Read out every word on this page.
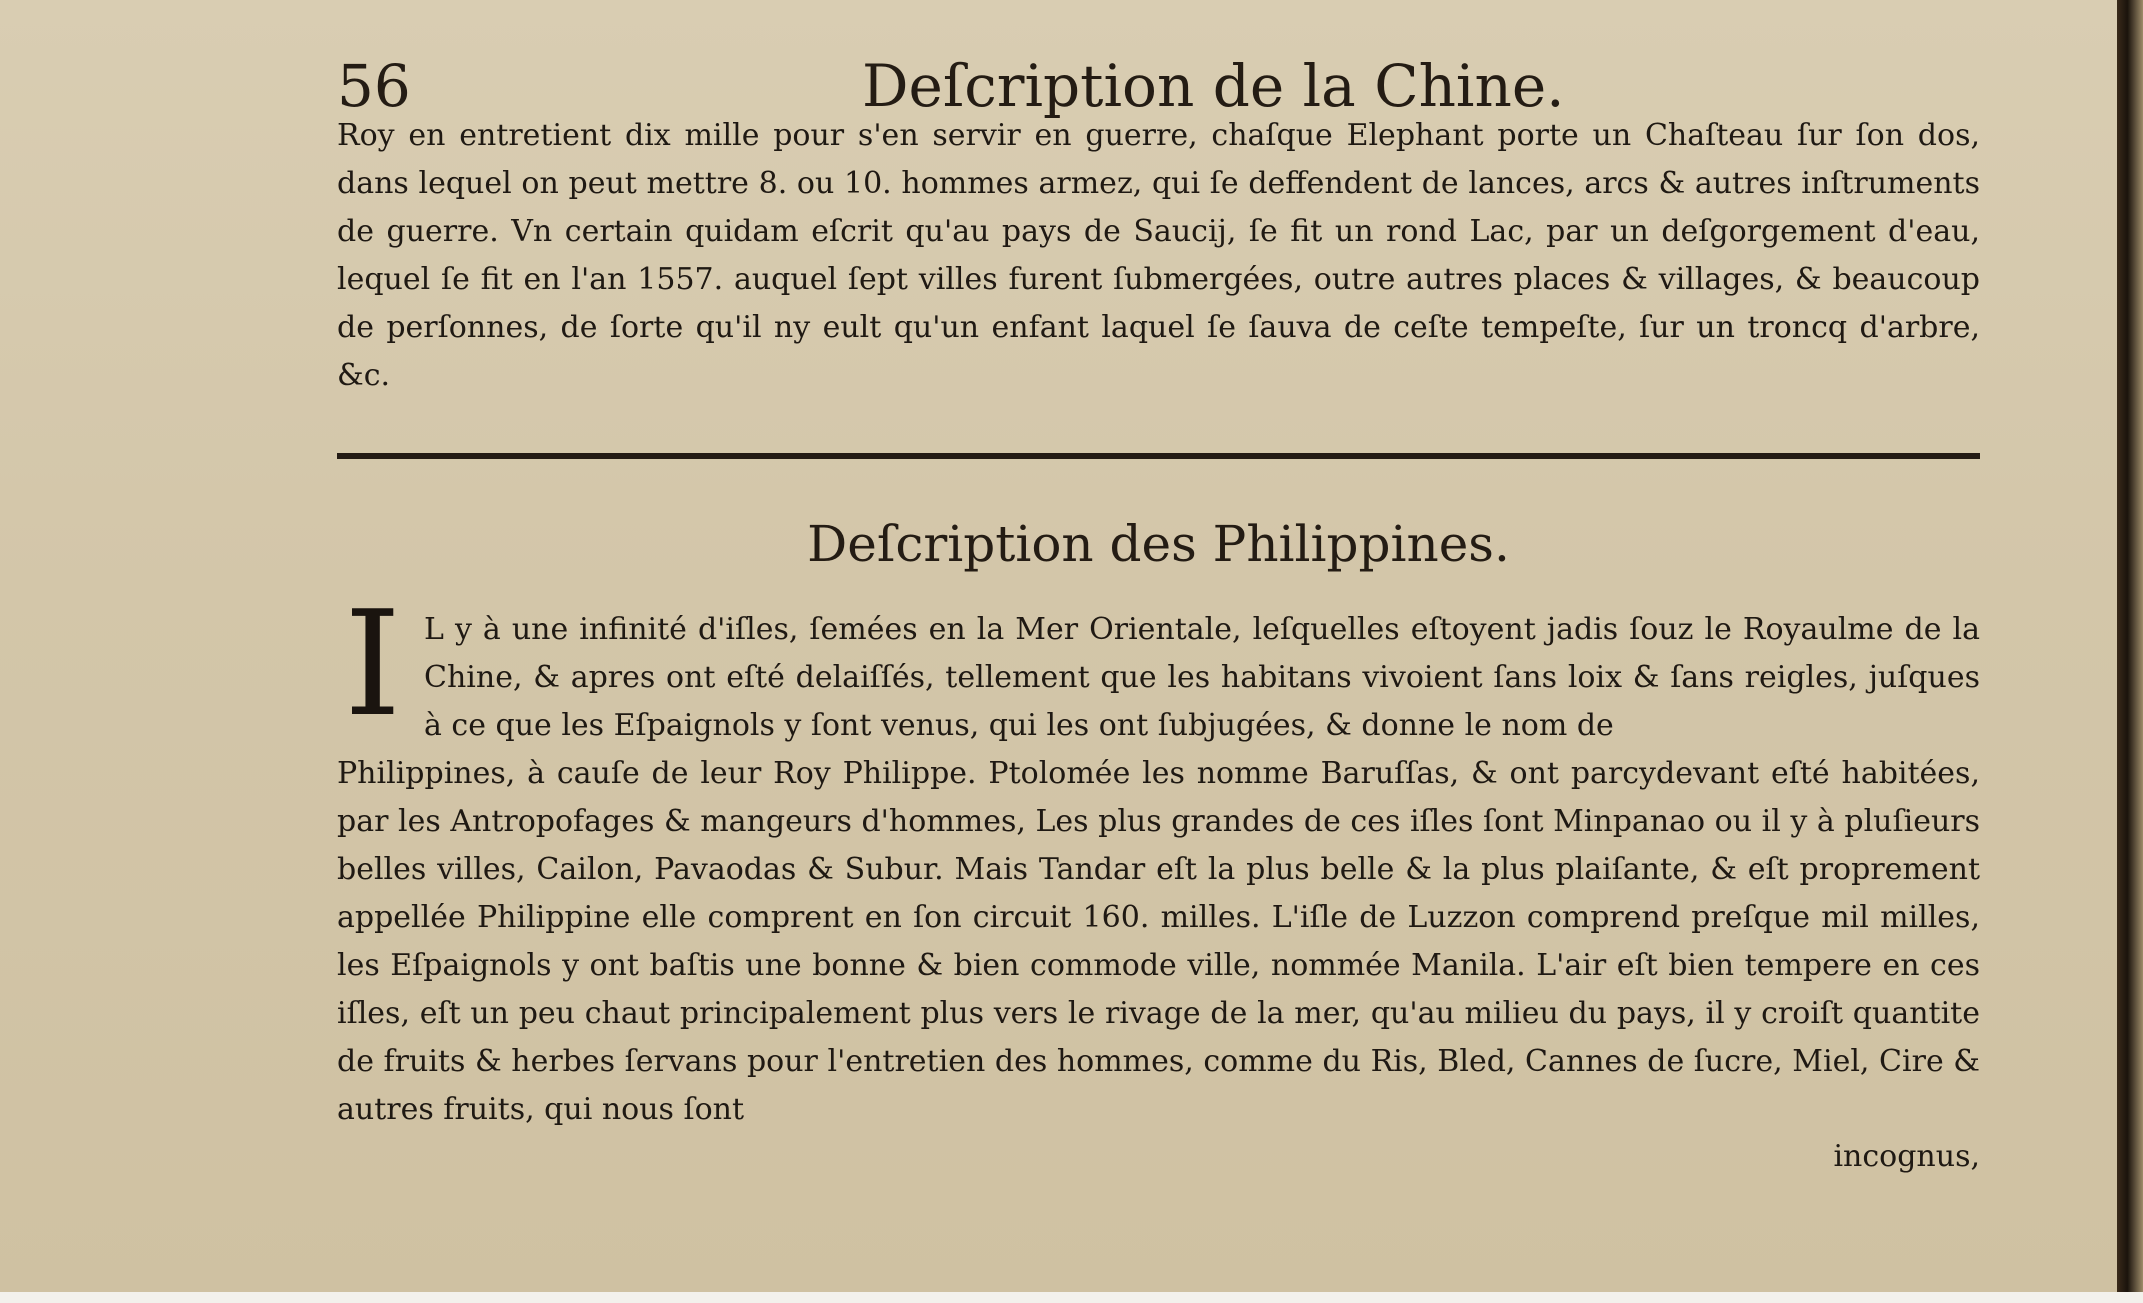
56	Deſcription de la Chine.

Roy en entretient dix mille pour s'en servir en guerre, chaſque Elephant porte un Chaſteau ſur ſon dos, dans lequel on peut mettre 8. ou 10. hommes armez, qui ſe deffendent de lances, arcs & autres inſtruments de guerre. Vn certain quidam eſcrit qu'au pays de Saucij, ſe fit un rond Lac, par un deſgorgement d'eau, lequel ſe fit en l'an 1557. auquel ſept villes furent ſubmergées, outre autres places & villages, & beaucoup de perſonnes, de ſorte qu'il ny eult qu'un enfant laquel ſe ſauva de ceſte tempeſte, ſur un troncq d'arbre, &c.

Deſcription des Philippines.
I L y à une infinité d'iſles, ſemées en la Mer Orientale, leſquelles eſtoyent jadis ſouz le Royaulme de la Chine, & apres ont eſté delaiſſés, tellement que les habitans vivoient ſans loix & ſans reigles, juſques à ce que les Eſpaignols y ſont venus, qui les ont ſubjugées, & donne le nom de

Philippines, à cauſe de leur Roy Philippe. Ptolomée les nomme Baruſſas, & ont parcydevant eſté habitées, par les Antropofages & mangeurs d'hommes, Les plus grandes de ces iſles ſont Minpanao ou il y à pluſieurs belles villes, Cailon, Pavaodas & Subur. Mais Tandar eſt la plus belle & la plus plaiſante, & eſt proprement appellée Philippine elle comprent en ſon circuit 160. milles. L'iſle de Luzzon comprend preſque mil milles, les Eſpaignols y ont baſtis une bonne & bien commode ville, nommée Manila. L'air eſt bien tempere en ces iſles, eſt un peu chaut principalement plus vers le rivage de la mer, qu'au milieu du pays, il y croiſt quantite de fruits & herbes ſervans pour l'entretien des hommes, comme du Ris, Bled, Cannes de ſucre, Miel, Cire & autres fruits, qui nous ſont

incognus,
